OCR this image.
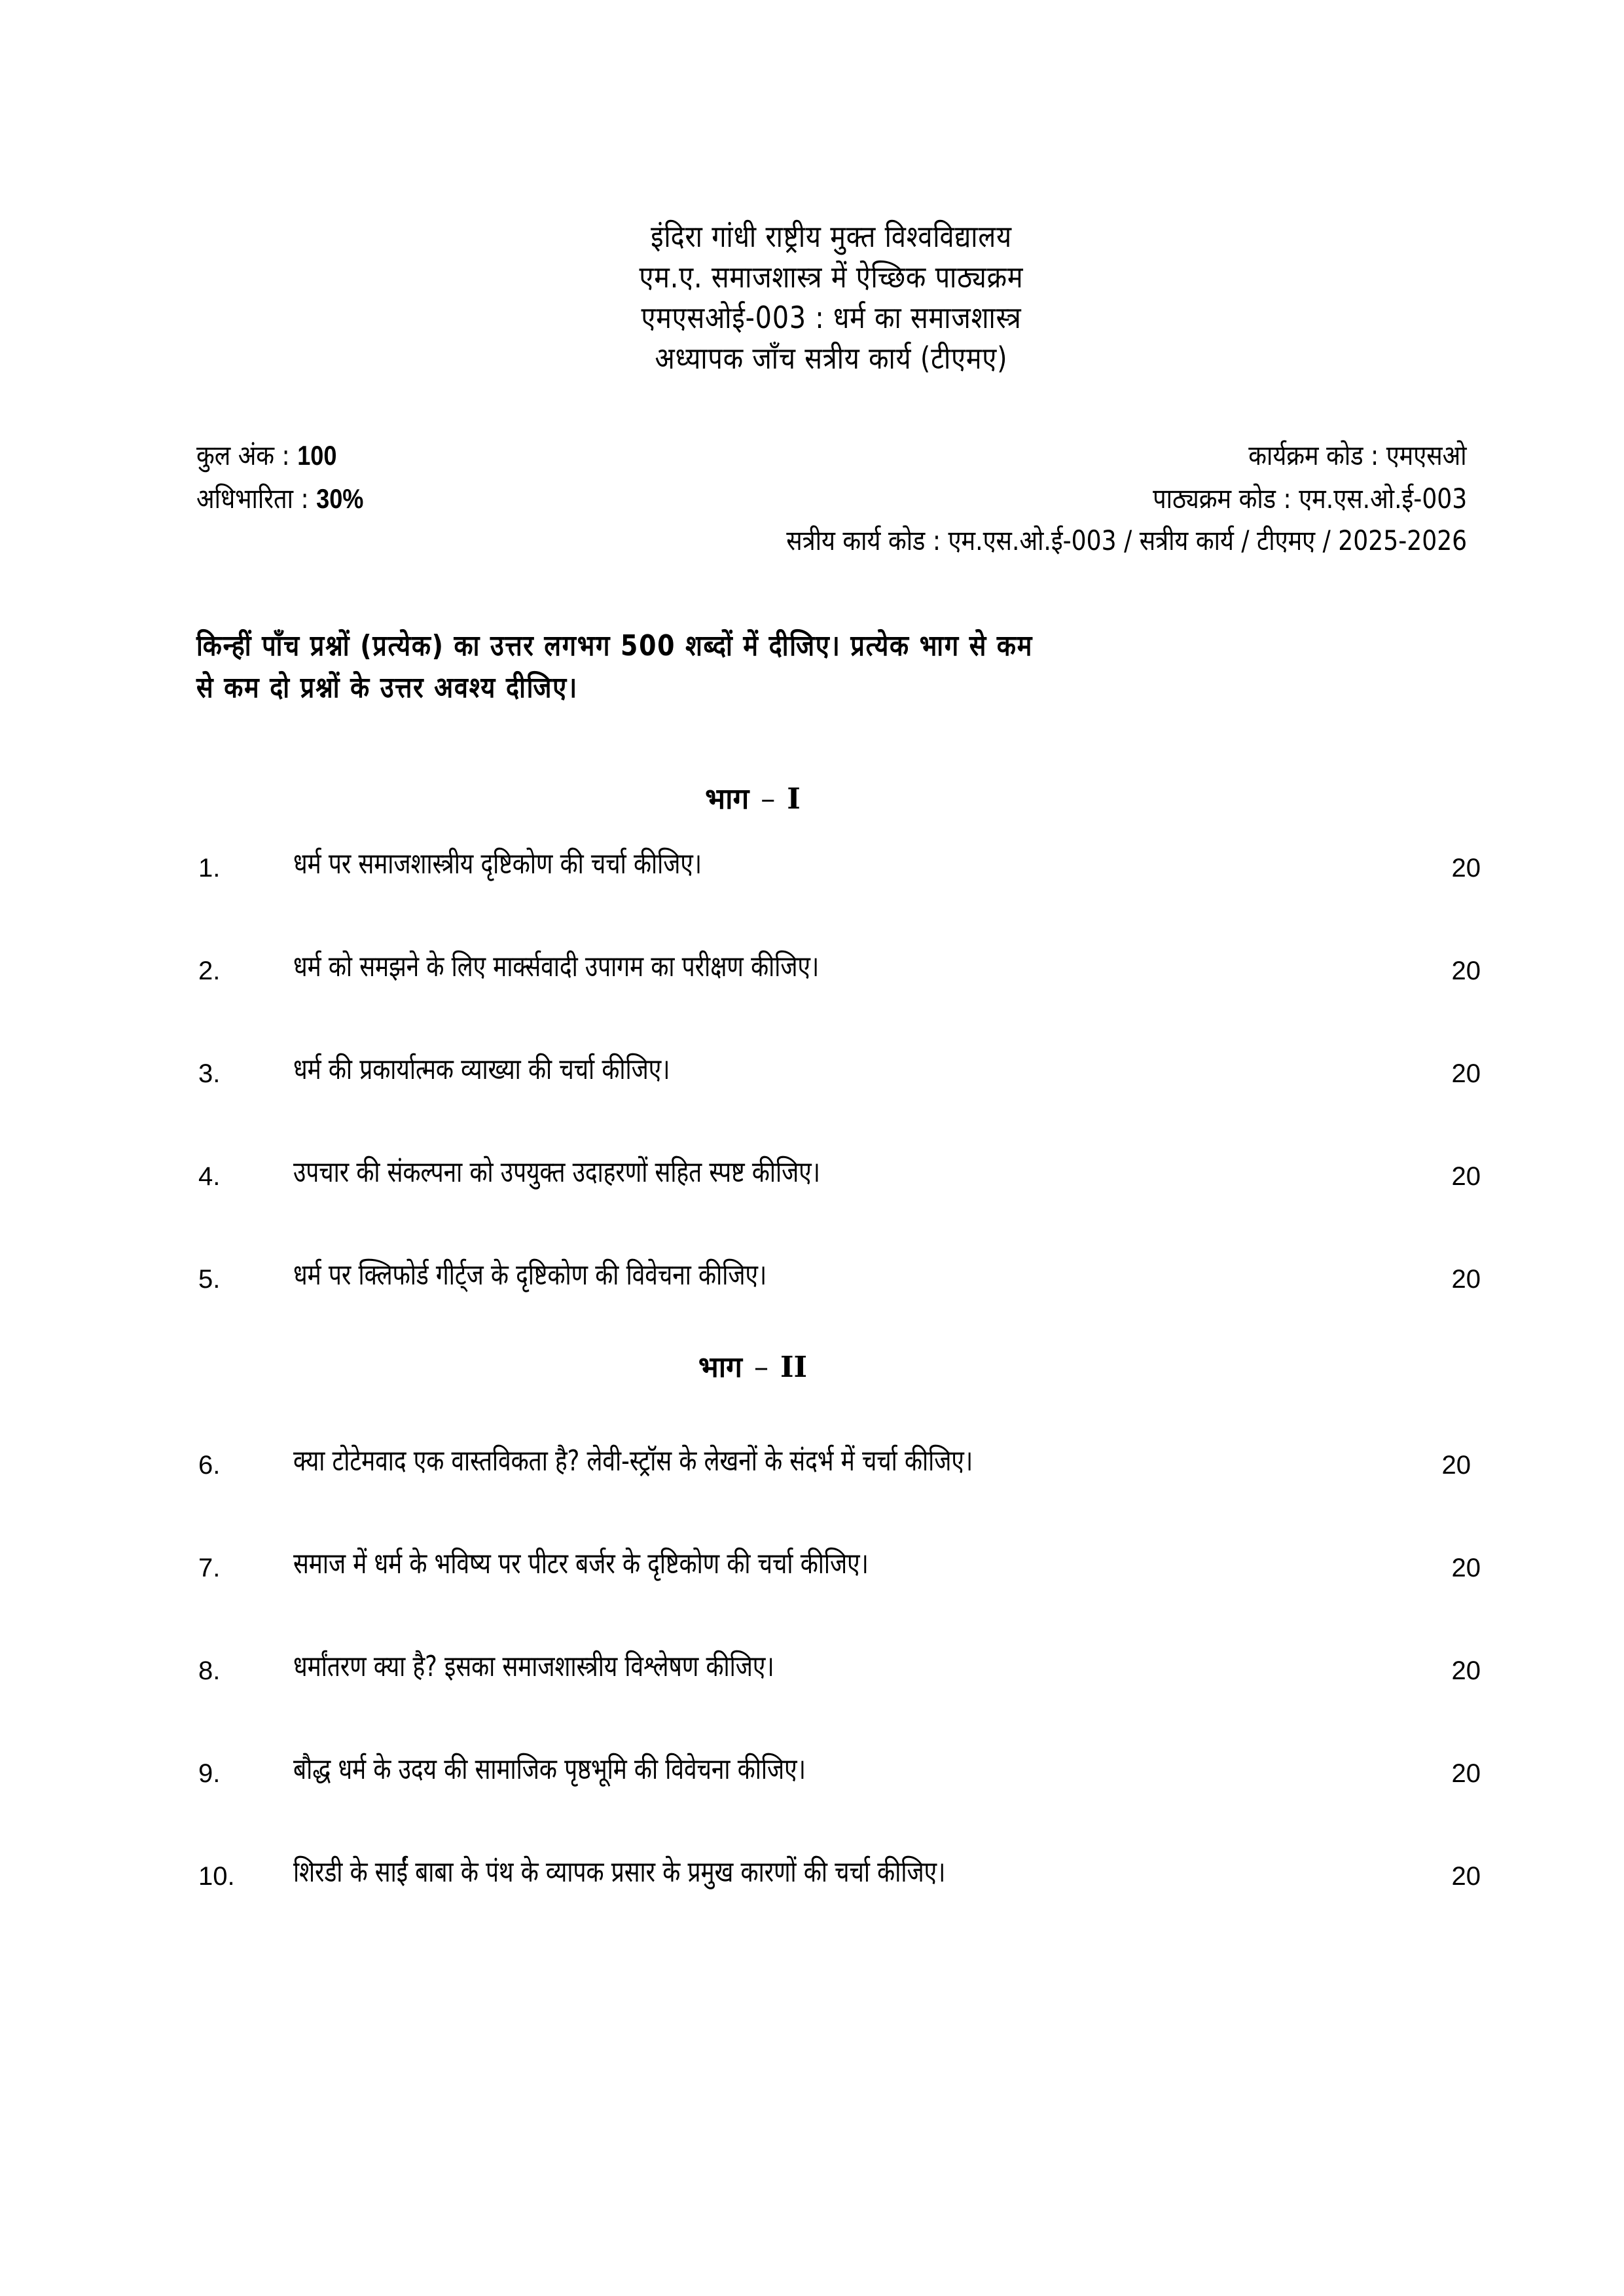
इंदिरा गांधी राष्ट्रीय मुक्त विश्वविद्यालय
एम.ए. समाजशास्त्र में ऐच्छिक पाठ्यक्रम
एमएसओई-003 : धर्म का समाजशास्त्र
अध्यापक जाँच सत्रीय कार्य (टीएमए)
कुल अंक : 100	कार्यक्रम कोड : एमएसओ
अधिभारिता : 30%	पाठ्यक्रम कोड : एम.एस.ओ.ई-003
सत्रीय कार्य कोड : एम.एस.ओ.ई-003 / सत्रीय कार्य / टीएमए / 2025-2026
किन्हीं पाँच प्रश्नों (प्रत्येक) का उत्तर लगभग 500 शब्दों में दीजिए। प्रत्येक भाग से कम
से कम दो प्रश्नों के उत्तर अवश्य दीजिए।
भाग – I
1.	धर्म पर समाजशास्त्रीय दृष्टिकोण की चर्चा कीजिए।	20
2.	धर्म को समझने के लिए मार्क्सवादी उपागम का परीक्षण कीजिए।	20
3.	धर्म की प्रकार्यात्मक व्याख्या की चर्चा कीजिए।	20
4.	उपचार की संकल्पना को उपयुक्त उदाहरणों सहित स्पष्ट कीजिए।	20
5.	धर्म पर क्लिफोर्ड गीर्ट्ज के दृष्टिकोण की विवेचना कीजिए।	20
भाग – II
6.	क्या टोटेमवाद एक वास्तविकता है? लेवी-स्ट्रॉस के लेखनों के संदर्भ में चर्चा कीजिए।	20
7.	समाज में धर्म के भविष्य पर पीटर बर्जर के दृष्टिकोण की चर्चा कीजिए।	20
8.	धर्मांतरण क्या है? इसका समाजशास्त्रीय विश्लेषण कीजिए।	20
9.	बौद्ध धर्म के उदय की सामाजिक पृष्ठभूमि की विवेचना कीजिए।	20
10. शिरडी के साईं बाबा के पंथ के व्यापक प्रसार के प्रमुख कारणों की चर्चा कीजिए।	20
